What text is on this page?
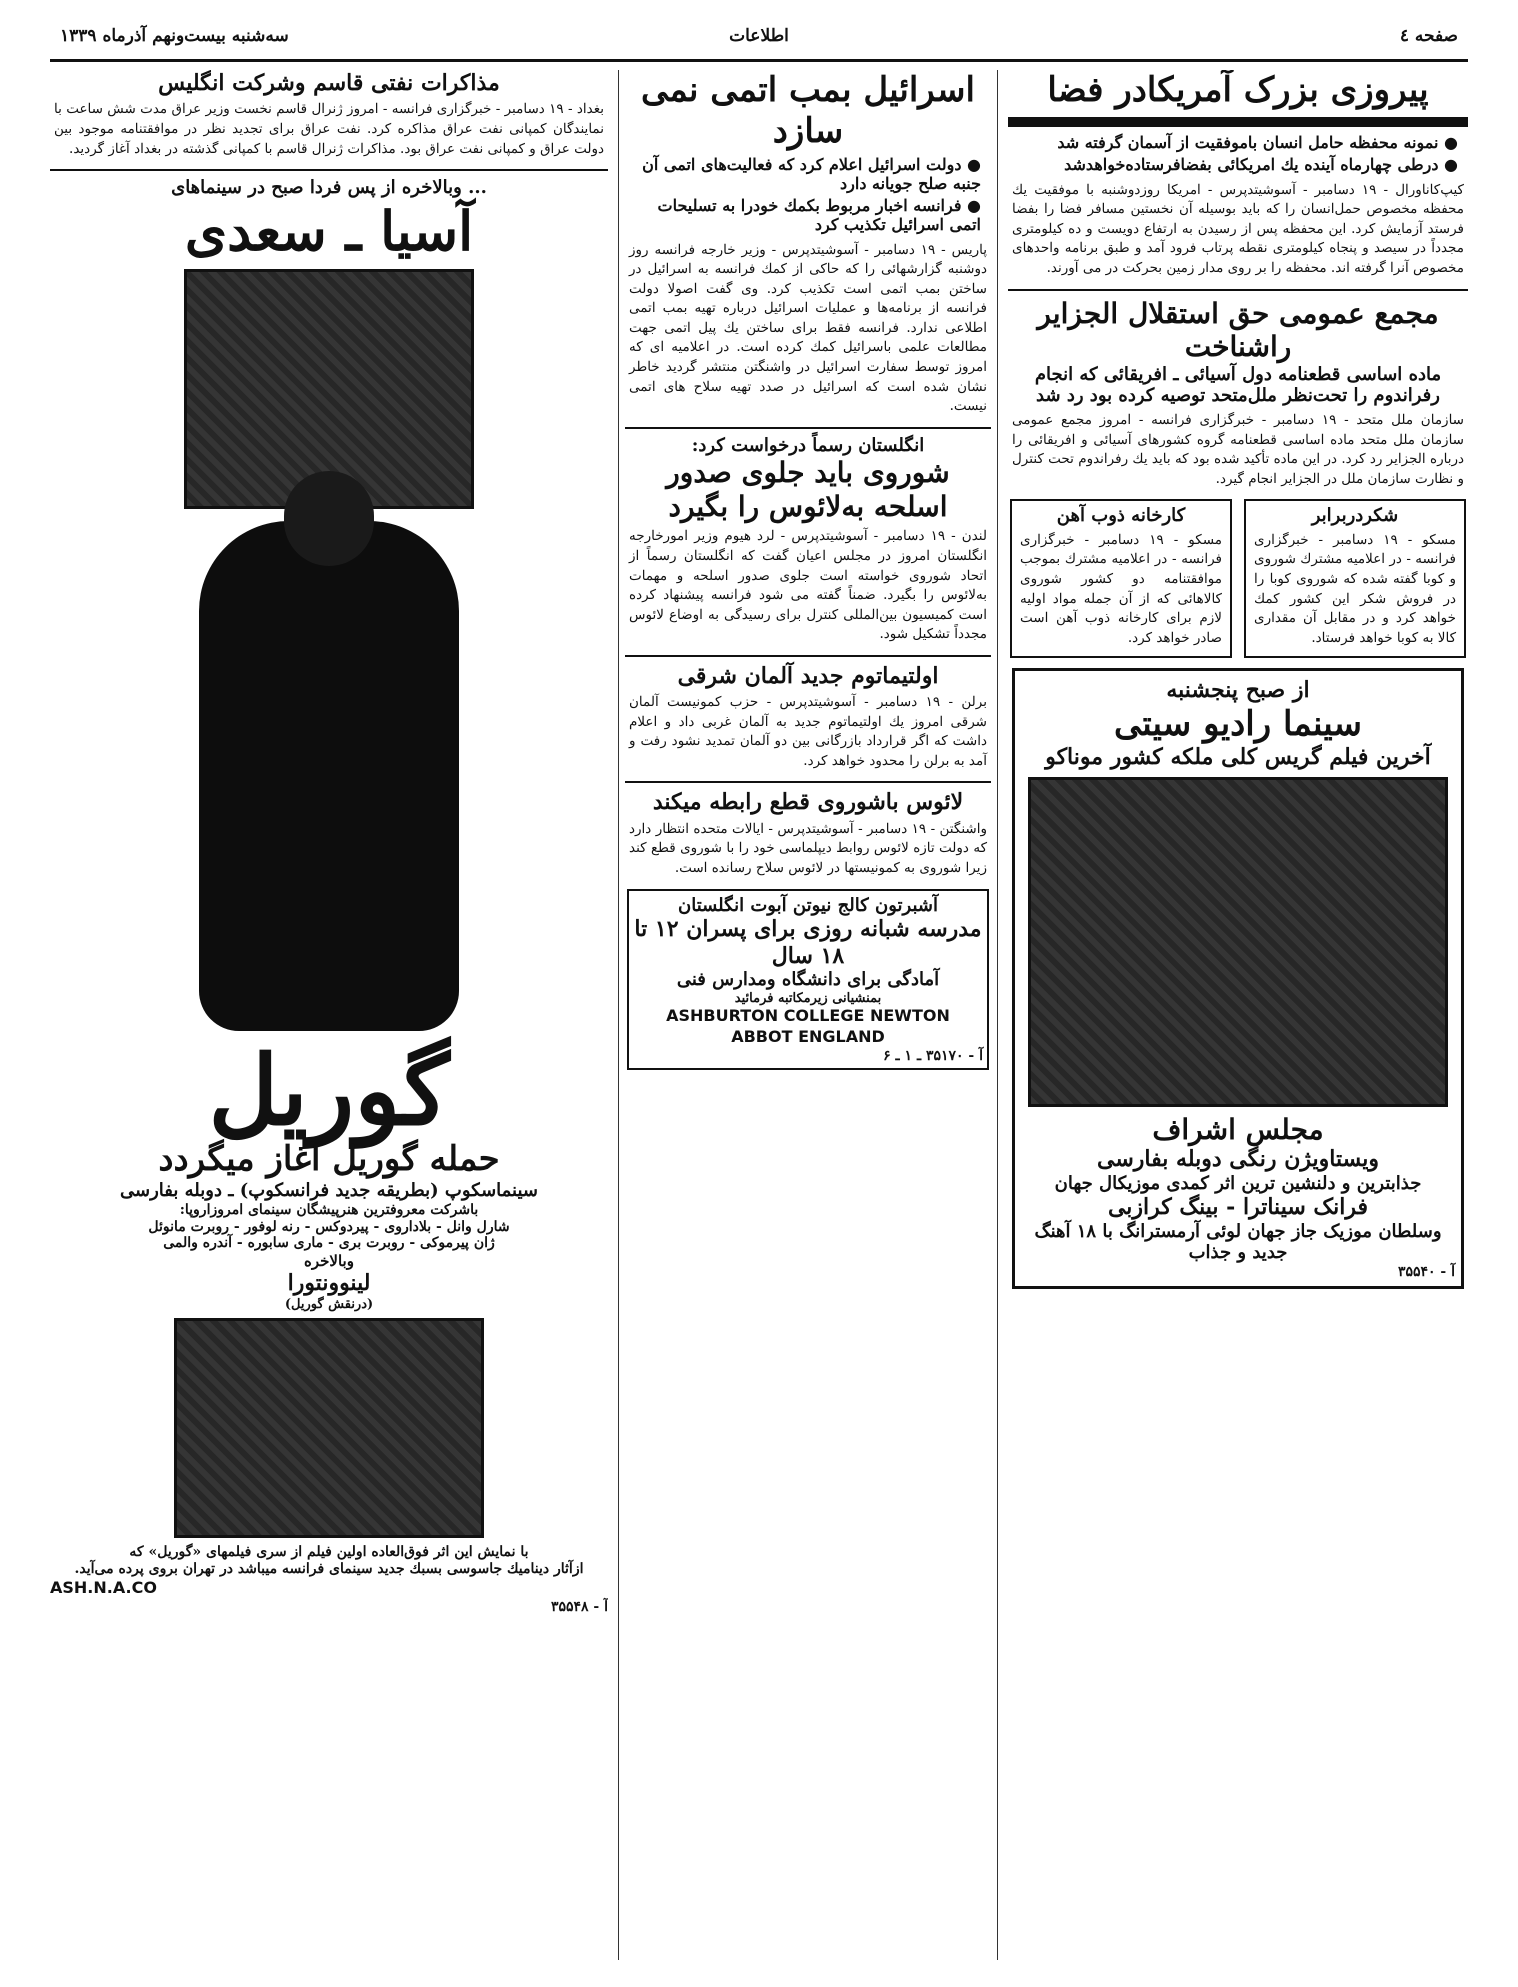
صفحه ٤
اطلاعات
سه‌شنبه بیست‌ونهم آذرماه ۱۳۳۹
پیروزی بزرک آمریکادر فضا
● نمونه محفظه حامل انسان باموفقیت از آسمان گرفته شد
● درطی چهارماه آینده یك امریكائی بفضافرستاده‌خواهدشد
کیپ‌کاناورال - ۱۹ دسامبر - آسوشیتدپرس - امریکا روزدوشنبه با موفقیت یك محفظه مخصوص حمل‌انسان را كه باید بوسیله آن نخستین مسافر فضا را بفضا فرستد آزمایش کرد. این محفظه پس از رسیدن به ارتفاع دویست و ده کیلومتری مجدداً در سیصد و پنجاه کیلومتری نقطه پرتاب فرود آمد و طبق برنامه واحدهای مخصوص آنرا گرفته اند. محفظه را بر روی مدار زمین بحرکت در می آورند.
مجمع عمومی حق استقلال الجزایر راشناخت
ماده اساسی قطعنامه دول آسیائی ـ افریقائی که انجام رفراندوم را تحت‌نظر ملل‌متحد توصیه کرده بود رد شد
سازمان ملل متحد - ۱۹ دسامبر - خبرگزاری فرانسه - امروز مجمع عمومی سازمان ملل متحد ماده اساسی قطعنامه گروه کشورهای آسیائی و افریقائی را درباره الجزایر رد کرد. در این ماده تأکید شده بود که باید یك رفراندوم تحت کنترل و نظارت سازمان ملل در الجزایر انجام گیرد.
شکردربرابر
مسکو - ۱۹ دسامبر - خبرگزاری فرانسه - در اعلامیه مشترك شوروی و کوبا گفته شده که شوروی کوبا را در فروش شکر این کشور کمك خواهد کرد و در مقابل آن مقداری کالا به کوبا خواهد فرستاد.
کارخانه ذوب آهن
مسکو - ۱۹ دسامبر - خبرگزاری فرانسه - در اعلامیه مشترك بموجب موافقتنامه دو کشور شوروی کالاهائی که از آن جمله مواد اولیه لازم برای کارخانه ذوب آهن است صادر خواهد کرد.
از صبح پنجشنبه
سینما رادیو سیتی
آخرین فیلم گریس کلی ملکه کشور موناکو
مجلس اشراف
ویستاویژن رنگی دوبله بفارسی
جذابترین و دلنشین ترین اثر کمدی موزیکال جهان
فرانک سیناترا - بینگ کرازبی
وسلطان موزیک جاز جهان لوئی آرمسترانگ با ۱۸ آهنگ جدید و جذاب
آ - ۳۵۵۴۰
اسرائیل بمب اتمی نمی سازد
● دولت اسرائیل اعلام کرد که فعالیت‌های اتمی آن جنبه صلح جویانه دارد
● فرانسه اخبار مربوط بکمك خودرا به تسلیحات اتمی اسرائیل تکذیب کرد
پاریس - ۱۹ دسامبر - آسوشیتدپرس - وزیر خارجه فرانسه روز دوشنبه گزارشهائی را که حاکی از کمك فرانسه به اسرائیل در ساختن بمب اتمی است تکذیب کرد. وی گفت اصولا دولت فرانسه از برنامه‌ها و عملیات اسرائیل درباره تهیه بمب اتمی اطلاعی ندارد. فرانسه فقط برای ساختن یك پیل اتمی جهت مطالعات علمی باسرائیل کمك کرده است. در اعلامیه ای که امروز توسط سفارت اسرائیل در واشنگتن منتشر گردید خاطر نشان شده است که اسرائیل در صدد تهیه سلاح های اتمی نیست.
انگلستان رسماً درخواست کرد:
شوروی باید جلوی صدور اسلحه به‌لائوس را بگیرد
لندن - ۱۹ دسامبر - آسوشیتدپرس - لرد هیوم وزیر امورخارجه انگلستان امروز در مجلس اعیان گفت که انگلستان رسماً از اتحاد شوروی خواسته است جلوی صدور اسلحه و مهمات به‌لائوس را بگیرد. ضمناً گفته می شود فرانسه پیشنهاد کرده است کمیسیون بین‌المللی کنترل برای رسیدگی به اوضاع لائوس مجدداً تشکیل شود.
اولتیماتوم جدید آلمان شرقی
برلن - ۱۹ دسامبر - آسوشیتدپرس - حزب کمونیست آلمان شرقی امروز یك اولتیماتوم جدید به آلمان غربی داد و اعلام داشت که اگر قرارداد بازرگانی بین دو آلمان تمدید نشود رفت و آمد به برلن را محدود خواهد کرد.
لائوس باشوروی قطع رابطه میکند
واشنگتن - ۱۹ دسامبر - آسوشیتدپرس - ایالات متحده انتظار دارد که دولت تازه لائوس روابط دیپلماسی خود را با شوروی قطع کند زیرا شوروی به کمونیستها در لائوس سلاح رسانده است.
آشبرتون کالج نیوتن آبوت انگلستان
مدرسه شبانه روزی برای پسران ۱۲ تا ۱۸ سال
آمادگی برای دانشگاه ومدارس فنی
بمنشیانی زیرمکاتبه فرمائید
ASHBURTON COLLEGE NEWTON
ABBOT ENGLAND
آ - ۳۵۱۷۰ ـ ۱ ـ ۶
مذاکرات نفتی قاسم وشرکت انگلیس
بغداد - ۱۹ دسامبر - خبرگزاری فرانسه - امروز ژنرال قاسم نخست وزیر عراق مدت شش ساعت با نمایندگان کمپانی نفت عراق مذاکره کرد. نفت عراق برای تجدید نظر در موافقتنامه موجود بین دولت عراق و کمپانی نفت عراق بود. مذاکرات ژنرال قاسم با کمپانی گذشته در بغداد آغاز گردید.
... وبالاخره از پس فردا صبح در سینماهای
آسیا ـ سعدی
گوریل
حمله گوریل آغاز میگردد
سینماسکوپ (بطریقه جدید فرانسکوپ) ـ دوبله بفارسی
باشرکت معروفترین هنرپیشگان سینمای امروزاروپا:
شارل وانل - بلاداروی - پیردوکس - رنه لوفور - روبرت مانوئل
ژان پیرموکی - روبرت بری - ماری سابوره - آندره والمی
وبالاخره
لینوونتورا
(درنقش گوریل)
با نمایش این اثر فوق‌العاده اولین فیلم از سری فیلمهای «گوریل» که
ازآثار دینامیك جاسوسی بسبك جدید سینمای فرانسه میباشد در تهران بروی پرده می‌آید.
ASH.N.A.CO
آ - ۳۵۵۴۸
